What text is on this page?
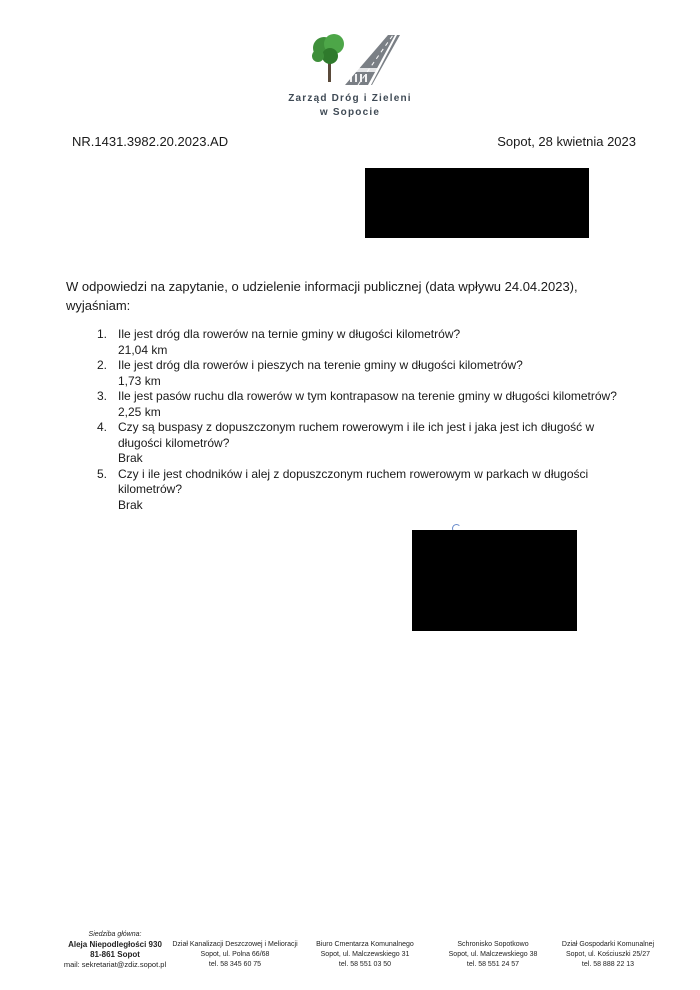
Zarząd Dróg i Zieleni
w Sopocie
NR.1431.3982.20.2023.AD	Sopot, 28 kwietnia 2023
W odpowiedzi na zapytanie, o udzielenie informacji publicznej (data wpływu 24.04.2023),
wyjaśniam:
1. Ile jest dróg dla rowerów na ternie gminy w długości kilometrów?
21,04 km
2. Ile jest dróg dla rowerów i pieszych na terenie gminy w długości kilometrów?
1,73 km
3. Ile jest pasów ruchu dla rowerów w tym kontrapasow na terenie gminy w długości kilometrów?
2,25 km
4. Czy są buspasy z dopuszczonym ruchem rowerowym i ile ich jest i jaka jest ich długość w długości kilometrów?
Brak
5. Czy i ile jest chodników i alej z dopuszczonym ruchem rowerowym w parkach w długości kilometrów?
Brak
Siedziba główna:
Aleja Niepodległości 930
81-861 Sopot
mail: sekretariat@zdiz.sopot.pl
Dział Kanalizacji Deszczowej i Melioracji
Sopot, ul. Polna 66/68
tel. 58 345 60 75
Biuro Cmentarza Komunalnego
Sopot, ul. Malczewskiego 31
tel. 58 551 03 50
Schronisko Sopotkowo
Sopot, ul. Malczewskiego 38
tel. 58 551 24 57
Dział Gospodarki Komunalnej
Sopot, ul. Kościuszki 25/27
tel. 58 888 22 13
